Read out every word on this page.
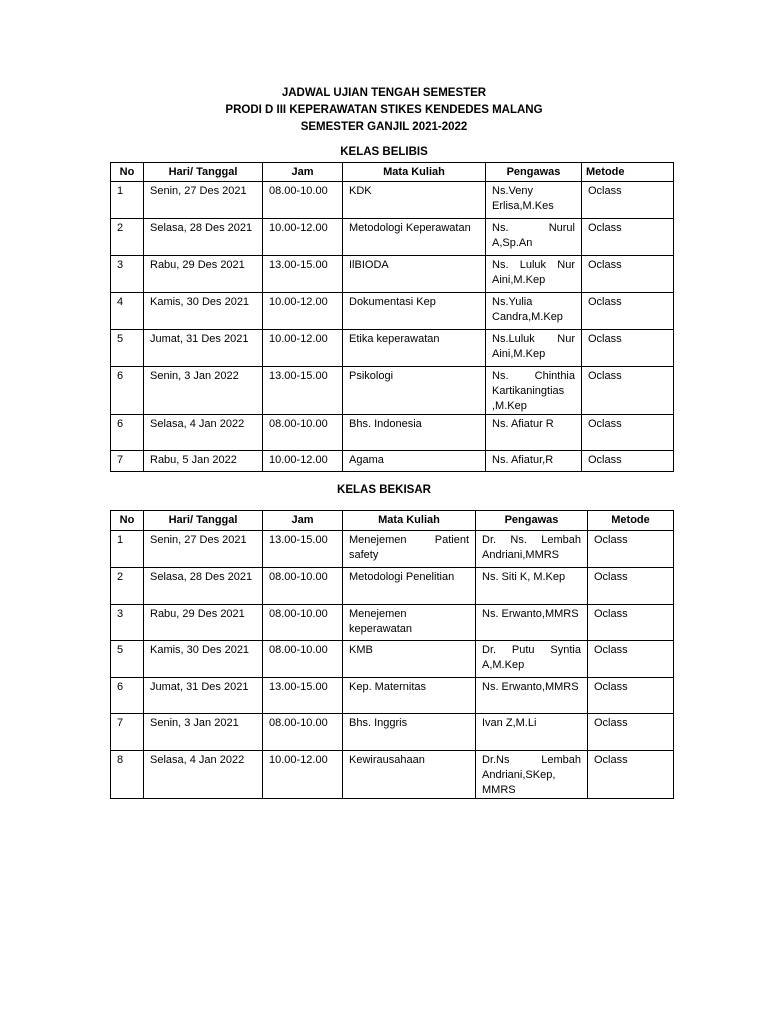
JADWAL UJIAN TENGAH SEMESTER
PRODI D III KEPERAWATAN STIKES KENDEDES MALANG
SEMESTER GANJIL 2021-2022
KELAS BELIBIS
No	Hari/ Tanggal	Jam	Mata Kuliah	Pengawas	Metode
1	Senin, 27 Des 2021	08.00-10.00	KDK	Ns.Veny Erlisa,M.Kes	Oclass
2	Selasa, 28 Des 2021	10.00-12.00	Metodologi Keperawatan	Ns. Nurul A,Sp.An	Oclass
3	Rabu, 29 Des 2021	13.00-15.00	IlBIODA	Ns. Luluk Nur Aini,M.Kep	Oclass
4	Kamis, 30 Des 2021	10.00-12.00	Dokumentasi Kep	Ns.Yulia Candra,M.Kep	Oclass
5	Jumat, 31 Des 2021	10.00-12.00	Etika keperawatan	Ns.Luluk Nur Aini,M.Kep	Oclass
6	Senin, 3 Jan 2022	13.00-15.00	Psikologi	Ns. Chinthia Kartikaningtias ,M.Kep	Oclass
6	Selasa, 4 Jan 2022	08.00-10.00	Bhs. Indonesia	Ns. Afiatur R	Oclass
7	Rabu, 5 Jan 2022	10.00-12.00	Agama	Ns. Afiatur,R	Oclass
KELAS BEKISAR
No	Hari/ Tanggal	Jam	Mata Kuliah	Pengawas	Metode
1	Senin, 27 Des 2021	13.00-15.00	Menejemen Patient safety	Dr. Ns. Lembah Andriani,MMRS	Oclass
2	Selasa, 28 Des 2021	08.00-10.00	Metodologi Penelitian	Ns. Siti K, M.Kep	Oclass
3	Rabu, 29 Des 2021	08.00-10.00	Menejemen keperawatan	Ns. Erwanto,MMRS	Oclass
5	Kamis, 30 Des 2021	08.00-10.00	KMB	Dr. Putu Syntia A,M.Kep	Oclass
6	Jumat, 31 Des 2021	13.00-15.00	Kep. Maternitas	Ns. Erwanto,MMRS	Oclass
7	Senin, 3 Jan 2021	08.00-10.00	Bhs. Inggris	Ivan Z,M.Li	Oclass
8	Selasa, 4 Jan 2022	10.00-12.00	Kewirausahaan	Dr.Ns Lembah Andriani,SKep, MMRS	Oclass
